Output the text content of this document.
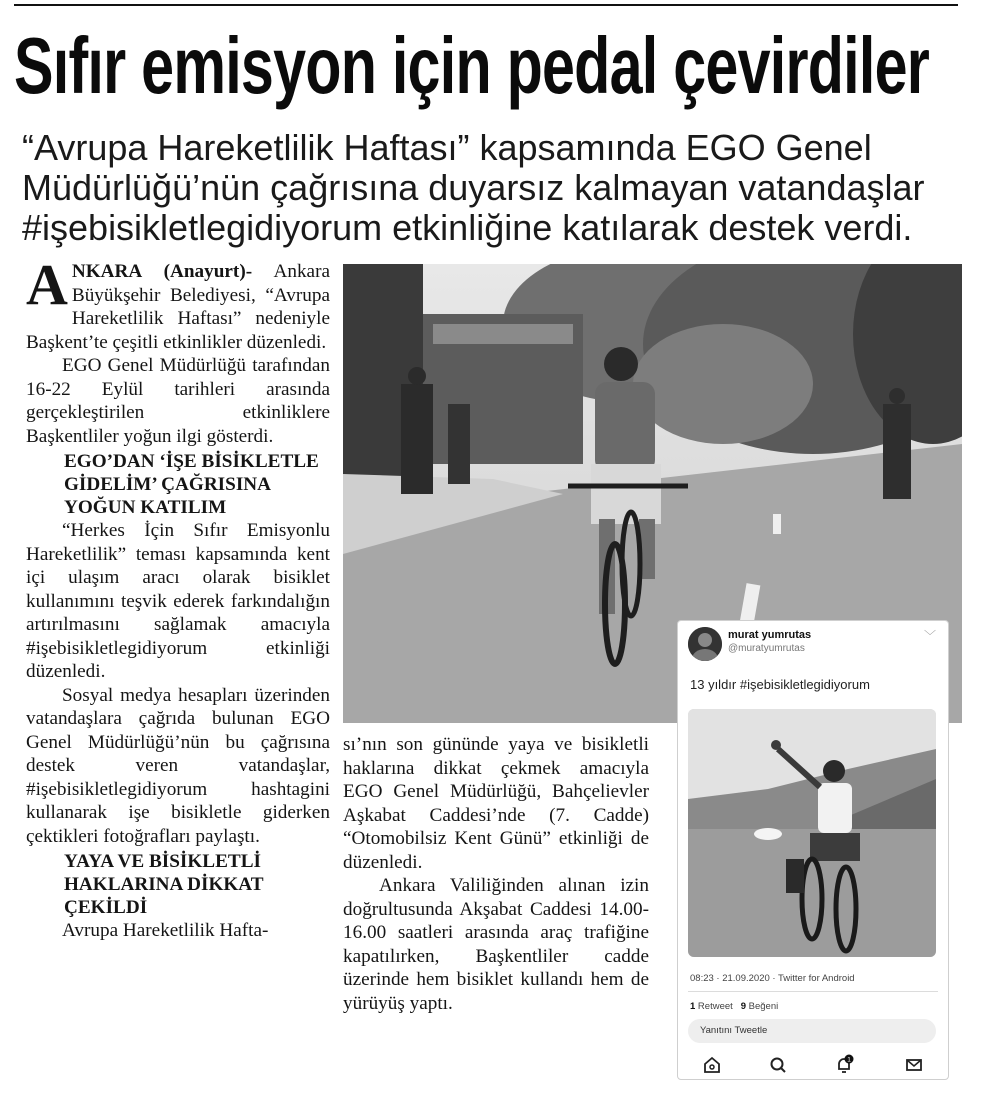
Sıfır emisyon için pedal çevirdiler

“Avrupa Hareketlilik Haftası” kapsamında EGO Genel Müdürlüğü’nün çağrısına duyarsız kalmayan vatandaşlar #işebisikletlegidiyorum etkinliğine katılarak destek verdi.

ANKARA (Anayurt)- Ankara Büyükşehir Belediyesi, “Avrupa Hareketlilik Haftası” nedeniyle Başkent’te çeşitli etkinlikler düzenledi.

EGO Genel Müdürlüğü tarafından 16-22 Eylül tarihleri arasında gerçekleştirilen etkinliklere Başkentliler yoğun ilgi gösterdi.

EGO’DAN ‘İŞE BİSİKLETLE GİDELİM’ ÇAĞRISINA YOĞUN KATILIM

“Herkes İçin Sıfır Emisyonlu Hareketlilik” teması kapsamında kent içi ulaşım aracı olarak bisiklet kullanımını teşvik ederek farkındalığın artırılmasını sağlamak amacıyla #işebisikletlegidiyorum etkinliği düzenledi.

Sosyal medya hesapları üzerinden vatandaşlara çağrıda bulunan EGO Genel Müdürlüğü’nün bu çağrısına destek veren vatandaşlar, #işebisikletlegidiyorum hashtagini kullanarak işe bisikletle giderken çektikleri fotoğrafları paylaştı.

YAYA VE BİSİKLETLİ HAKLARINA DİKKAT ÇEKİLDİ

Avrupa Hareketlilik Hafta-

sı’nın son gününde yaya ve bisikletli haklarına dikkat çekmek amacıyla EGO Genel Müdürlüğü, Bahçelievler Aşkabat Caddesi’nde (7. Cadde) “Otomobilsiz Kent Günü” etkinliği de düzenledi.

Ankara Valiliğinden alınan izin doğrultusunda Akşabat Caddesi 14.00-16.00 saatleri arasında araç trafiğine kapatılırken, Başkentliler cadde üzerinde hem bisiklet kullandı hem de yürüyüş yaptı.

murat yumrutas
@muratyumrutas
﹀
13 yıldır #işebisikletlegidiyorum
08:23 · 21.09.2020 · Twitter for Android
1 Retweet   9 Beğeni
Yanıtını Tweetle
1
